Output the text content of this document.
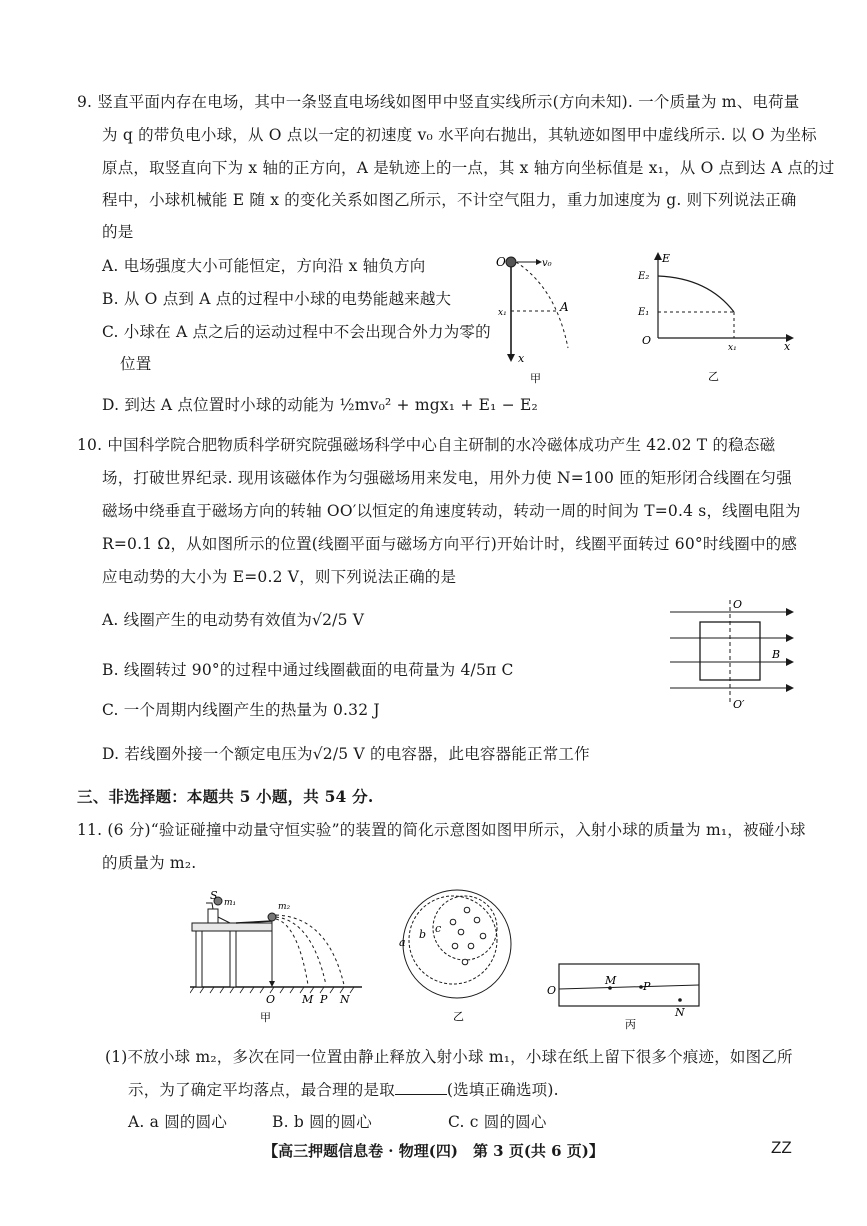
9. 竖直平面内存在电场，其中一条竖直电场线如图甲中竖直实线所示(方向未知). 一个质量为 m、电荷量
为 q 的带负电小球，从 O 点以一定的初速度 v₀ 水平向右抛出，其轨迹如图甲中虚线所示. 以 O 为坐标
原点，取竖直向下为 x 轴的正方向，A 是轨迹上的一点，其 x 轴方向坐标值是 x₁，从 O 点到达 A 点的过
程中，小球机械能 E 随 x 的变化关系如图乙所示，不计空气阻力，重力加速度为 g. 则下列说法正确
的是
A. 电场强度大小可能恒定，方向沿 x 轴负方向
B. 从 O 点到 A 点的过程中小球的电势能越来越大
C. 小球在 A 点之后的运动过程中不会出现合外力为零的
位置
D. 到达 A 点位置时小球的动能为 ½mv₀² + mgx₁ + E₁ − E₂
O	v₀
x₁	A
x
甲
E
E₂
E₁
O
x₁	x
乙
10. 中国科学院合肥物质科学研究院强磁场科学中心自主研制的水冷磁体成功产生 42.02 T 的稳态磁
场，打破世界纪录. 现用该磁体作为匀强磁场用来发电，用外力使 N=100 匝的矩形闭合线圈在匀强
磁场中绕垂直于磁场方向的转轴 OO′以恒定的角速度转动，转动一周的时间为 T=0.4 s，线圈电阻为
R=0.1 Ω，从如图所示的位置(线圈平面与磁场方向平行)开始计时，线圈平面转过 60°时线圈中的感
应电动势的大小为 E=0.2 V，则下列说法正确的是
A. 线圈产生的电动势有效值为√2/5 V
B. 线圈转过 90°的过程中通过线圈截面的电荷量为 4/5π C
C. 一个周期内线圈产生的热量为 0.32 J
D. 若线圈外接一个额定电压为√2/5 V 的电容器，此电容器能正常工作
O
B
O′
三、非选择题：本题共 5 小题，共 54 分.
11. (6 分)“验证碰撞中动量守恒实验”的装置的简化示意图如图甲所示，入射小球的质量为 m₁，被碰小球
的质量为 m₂.
S
m₁	m₂
O M P N
甲
a
b c
乙
O
M P
N
丙
(1)不放小球 m₂，多次在同一位置由静止释放入射小球 m₁，小球在纸上留下很多个痕迹，如图乙所
示，为了确定平均落点，最合理的是取	(选填正确选项).
A. a 圆的圆心	B. b 圆的圆心	C. c 圆的圆心
【高三押题信息卷 · 物理(四)　第 3 页(共 6 页)】	ZZ
